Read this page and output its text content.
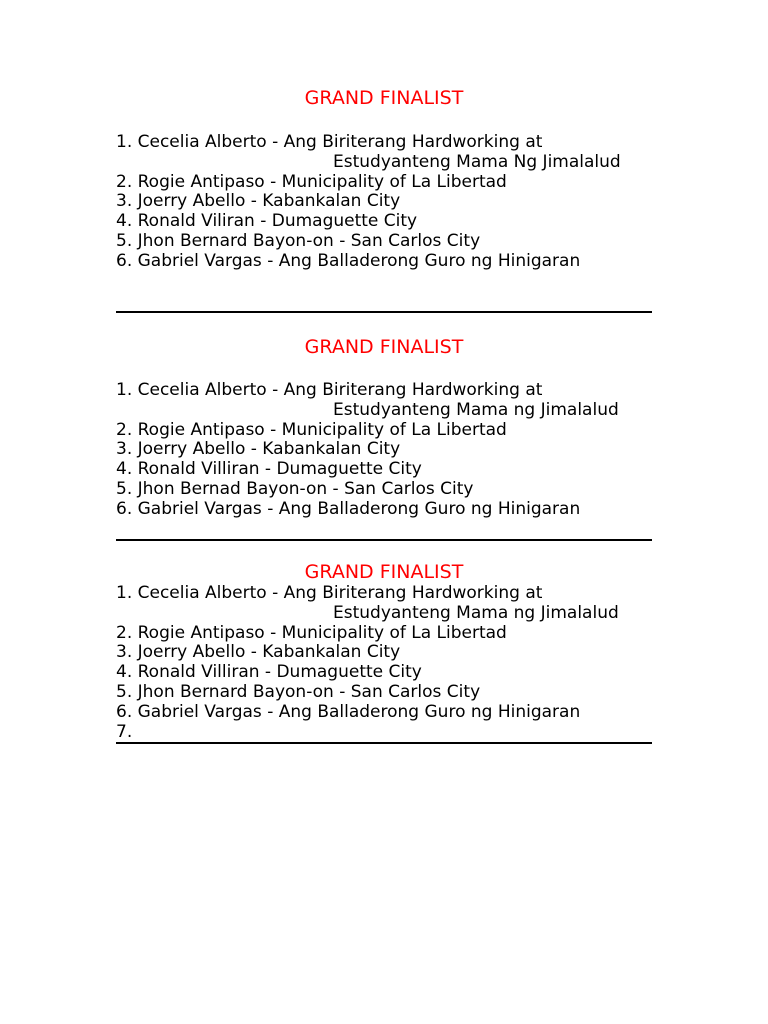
GRAND FINALIST
1. Cecelia Alberto - Ang Biriterang Hardworking at
Estudyanteng Mama Ng Jimalalud
2. Rogie Antipaso - Municipality of La Libertad
3. Joerry Abello - Kabankalan City
4. Ronald Viliran - Dumaguette City
5. Jhon Bernard Bayon-on - San Carlos City
6. Gabriel Vargas - Ang Balladerong Guro ng Hinigaran
GRAND FINALIST
1. Cecelia Alberto - Ang Biriterang Hardworking at
Estudyanteng Mama ng Jimalalud
2. Rogie Antipaso - Municipality of La Libertad
3. Joerry Abello - Kabankalan City
4. Ronald Villiran - Dumaguette City
5. Jhon Bernad Bayon-on - San Carlos City
6. Gabriel Vargas - Ang Balladerong Guro ng Hinigaran
GRAND FINALIST
1. Cecelia Alberto - Ang Biriterang Hardworking at
Estudyanteng Mama ng Jimalalud
2. Rogie Antipaso - Municipality of La Libertad
3. Joerry Abello - Kabankalan City
4. Ronald Villiran - Dumaguette City
5. Jhon Bernard Bayon-on - San Carlos City
6. Gabriel Vargas - Ang Balladerong Guro ng Hinigaran
7.
